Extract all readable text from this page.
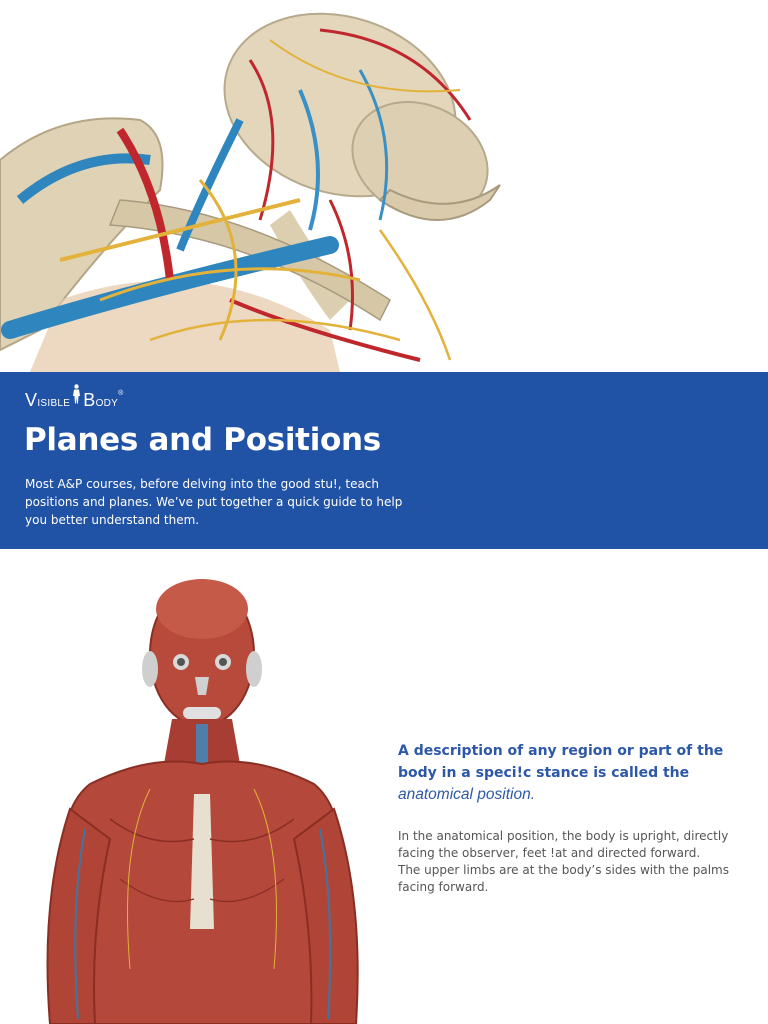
Visible Body ®
Planes and Positions

Most A&P courses, before delving into the good stu!, teach positions and planes. We’ve put together a quick guide to help you better understand them.

A description of any region or part of the body in a speci!c stance is called the
anatomical position.

In the anatomical position, the body is upright, directly facing the observer, feet !at and directed forward.
The upper limbs are at the body’s sides with the palms facing forward.
